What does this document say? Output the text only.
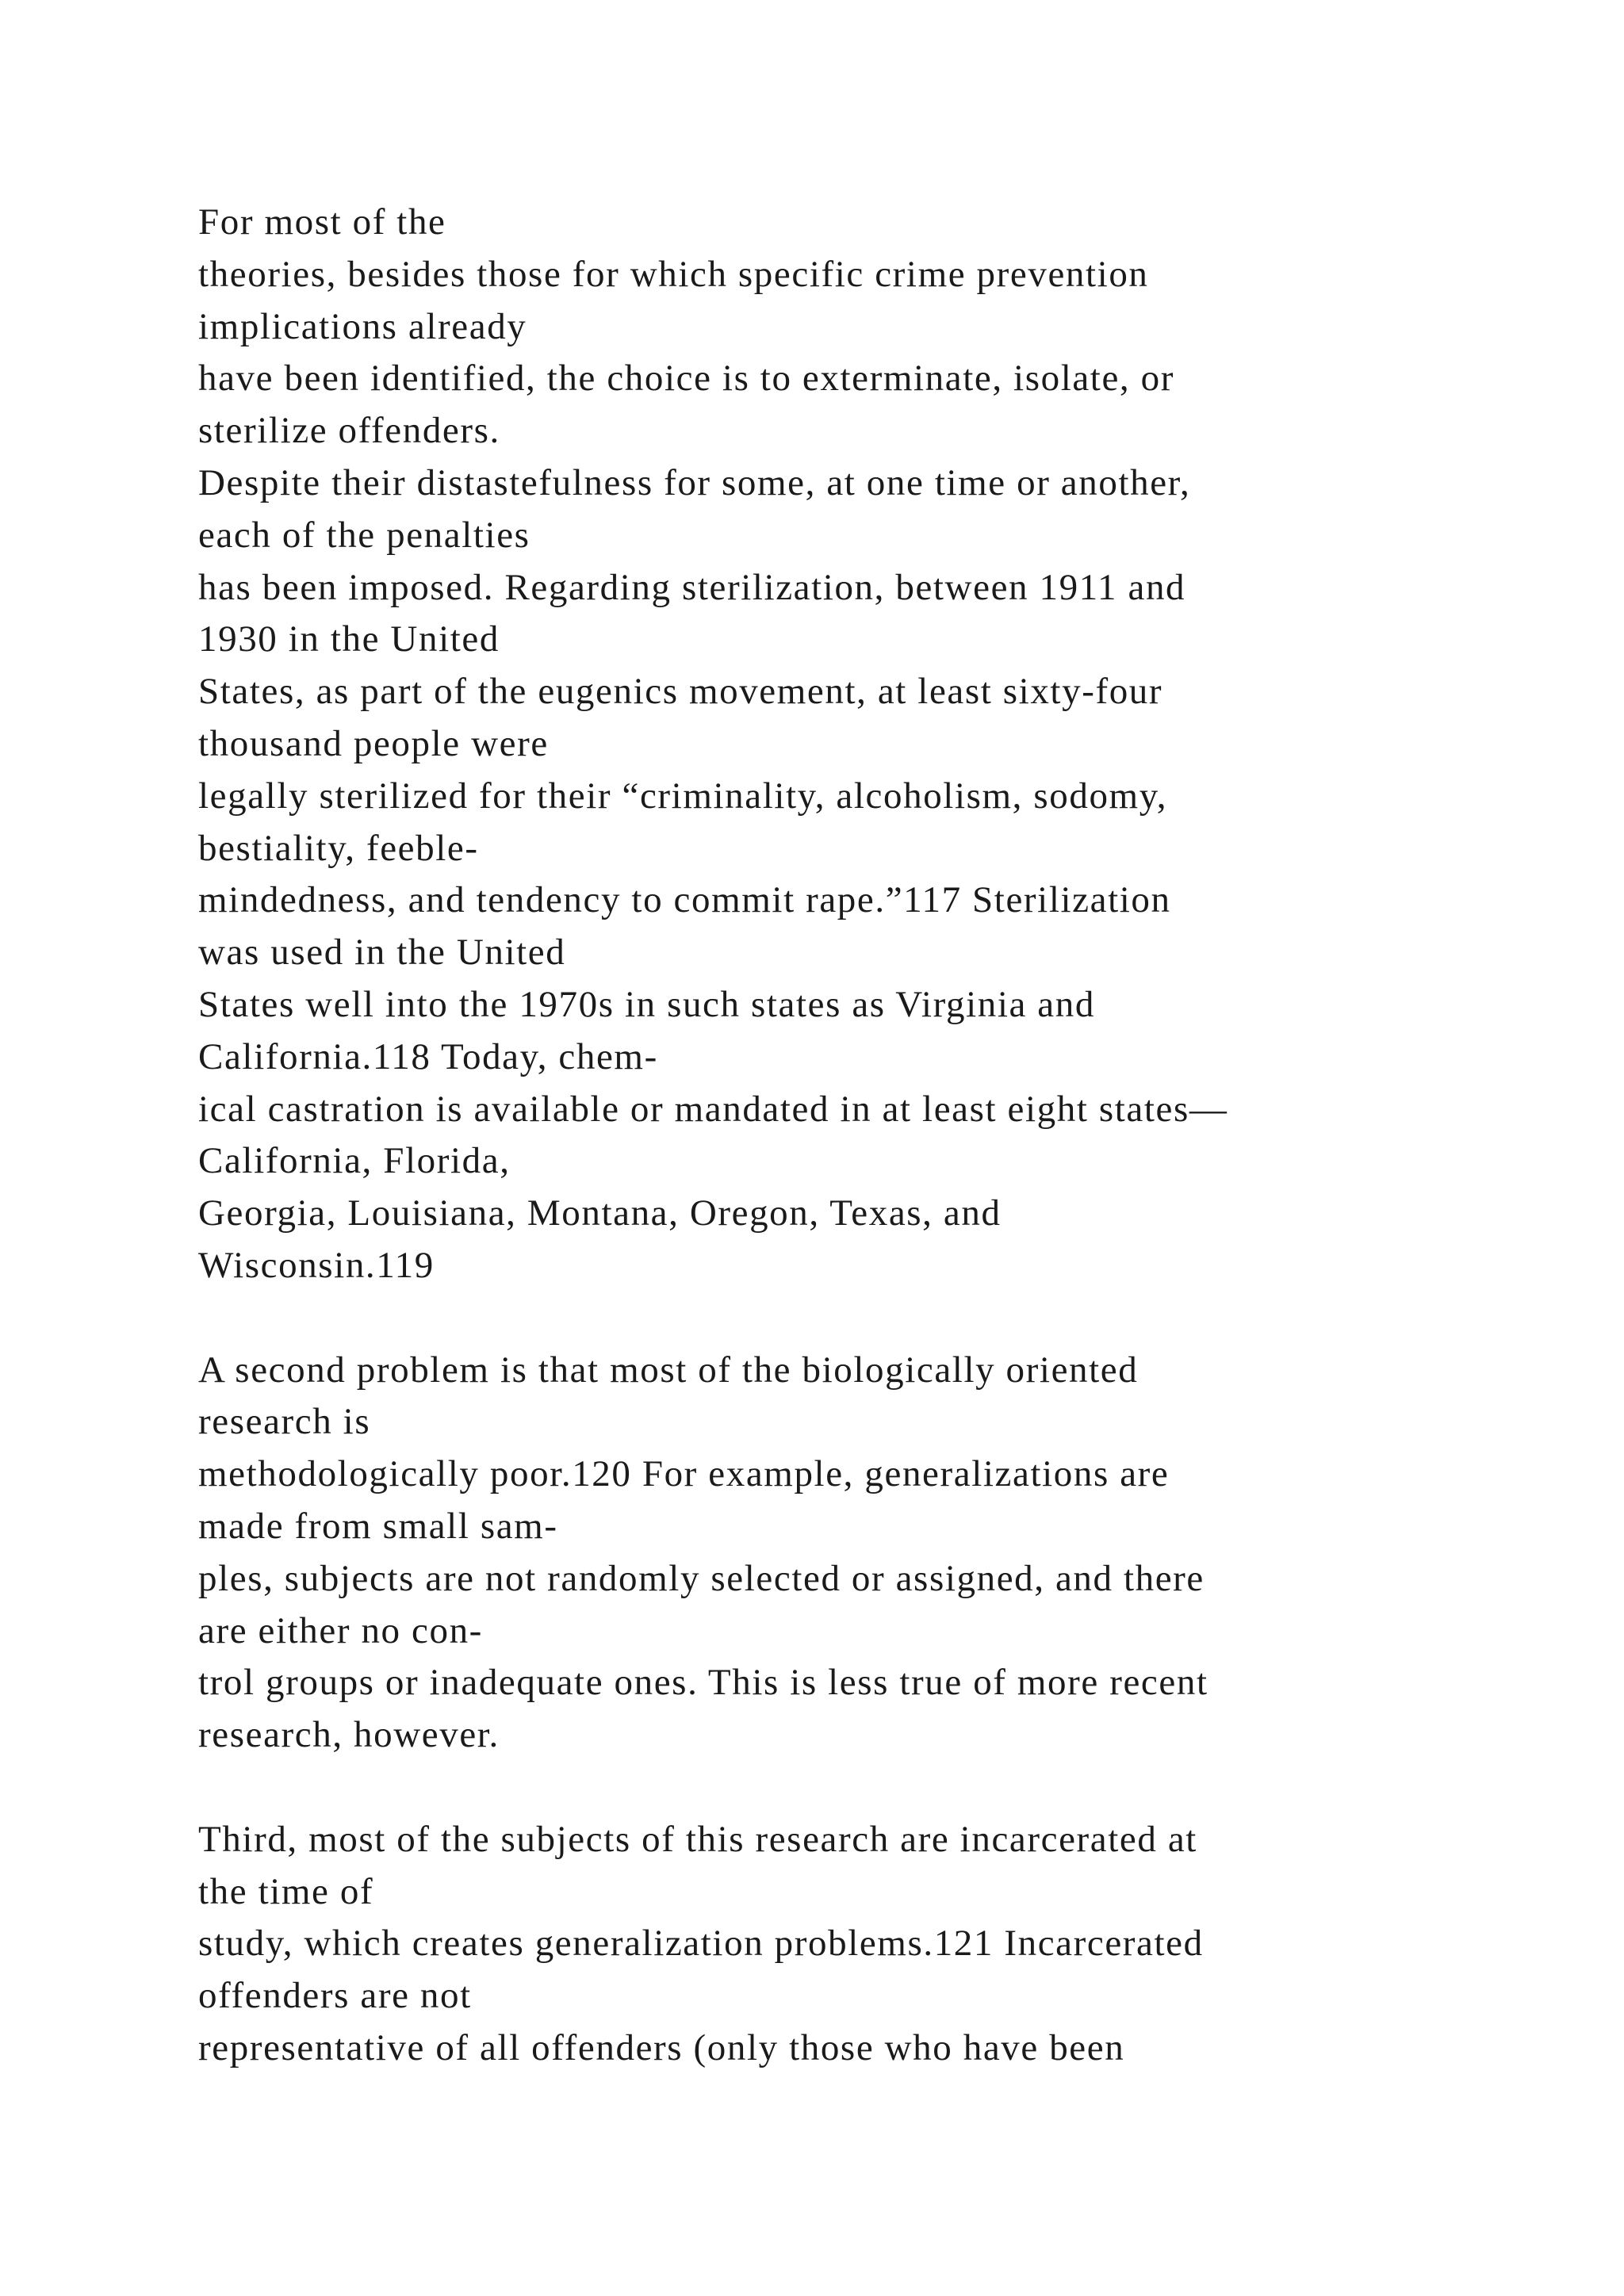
For most of the
theories, besides those for which specific crime prevention
implications already
have been identified, the choice is to exterminate, isolate, or
sterilize offenders.
Despite their distastefulness for some, at one time or another,
each of the penalties
has been imposed. Regarding sterilization, between 1911 and
1930 in the United
States, as part of the eugenics movement, at least sixty-four
thousand people were
legally sterilized for their “criminality, alcoholism, sodomy,
bestiality, feeble-
mindedness, and tendency to commit rape.”117 Sterilization
was used in the United
States well into the 1970s in such states as Virginia and
California.118 Today, chem-
ical castration is available or mandated in at least eight states—
California, Florida,
Georgia, Louisiana, Montana, Oregon, Texas, and
Wisconsin.119

A second problem is that most of the biologically oriented
research is
methodologically poor.120 For example, generalizations are
made from small sam-
ples, subjects are not randomly selected or assigned, and there
are either no con-
trol groups or inadequate ones. This is less true of more recent
research, however.

Third, most of the subjects of this research are incarcerated at
the time of
study, which creates generalization problems.121 Incarcerated
offenders are not
representative of all offenders (only those who have been
